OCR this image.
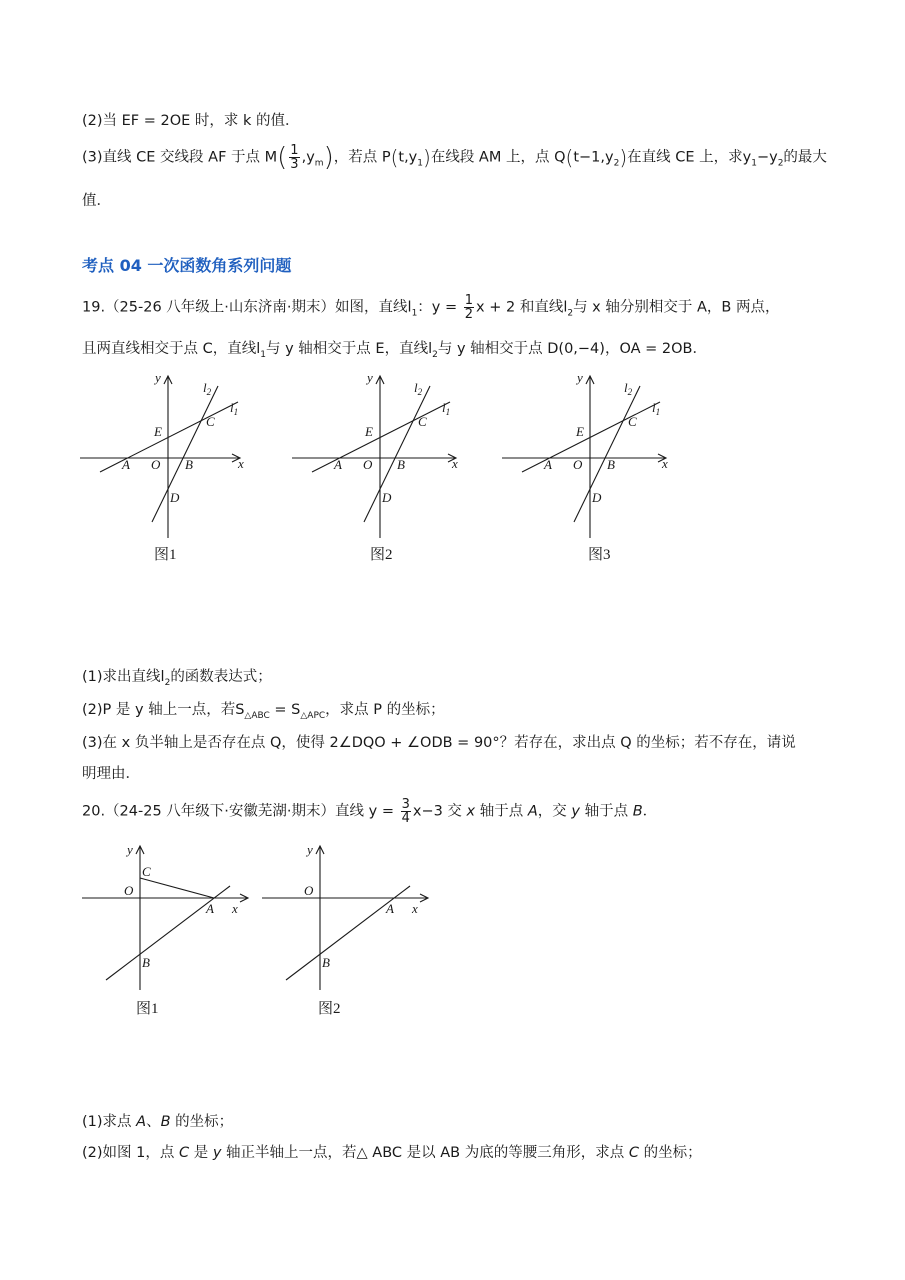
(2)当 EF = 2OE 时，求 k 的值．
(3)直线 CE 交线段 AF 于点 $M( \frac{1}{3} ,y_m)$，若点 $P(t,y_1)$在线段 AM 上，点 $Q(t-1,y_2)$在直线 CE 上，求$y_1-y_2$的最大
值．
考点 04 一次函数角系列问题
19.（25-26 八年级上·山东济南·期末）如图，直线$l_1$：$y = \frac{1}{2}$ x + 2 和直线$l_2$与 x 轴分别相交于 A，B 两点，
且两直线相交于点 C，直线$l_1$与 y 轴相交于点 E，直线$l_2$与 y 轴相交于点 D(0,−4)，OA = 2OB．
y
x
$l_2$
$l_1$
C
E
A O B
D
图1
y
x
$l_2$
$l_1$
C
E
A O B
D
图2
y
x
$l_2$
$l_1$
C
E
A O B
D
图3
(1)求出直线$l_2$的函数表达式；
(2)P 是 y 轴上一点，若$S_{\triangle ABC} = S_{\triangle APC}$，求点 P 的坐标；
(3)在 x 负半轴上是否存在点 Q，使得 2∠DQO + ∠ODB = 90°？若存在，求出点 Q 的坐标；若不存在，请说
明理由．
20.（24-25 八年级下·安徽芜湖·期末）直线 $y = \frac{3}{4} x-3$ 交 x 轴于点 A，交 y 轴于点 B．
y
x
C
O
A
B
图1
y
x
O
A
B
图2
(1)求点 A、B 的坐标；
(2)如图 1，点 C 是 y 轴正半轴上一点，若△ ABC 是以 AB 为底的等腰三角形，求点 C 的坐标；
